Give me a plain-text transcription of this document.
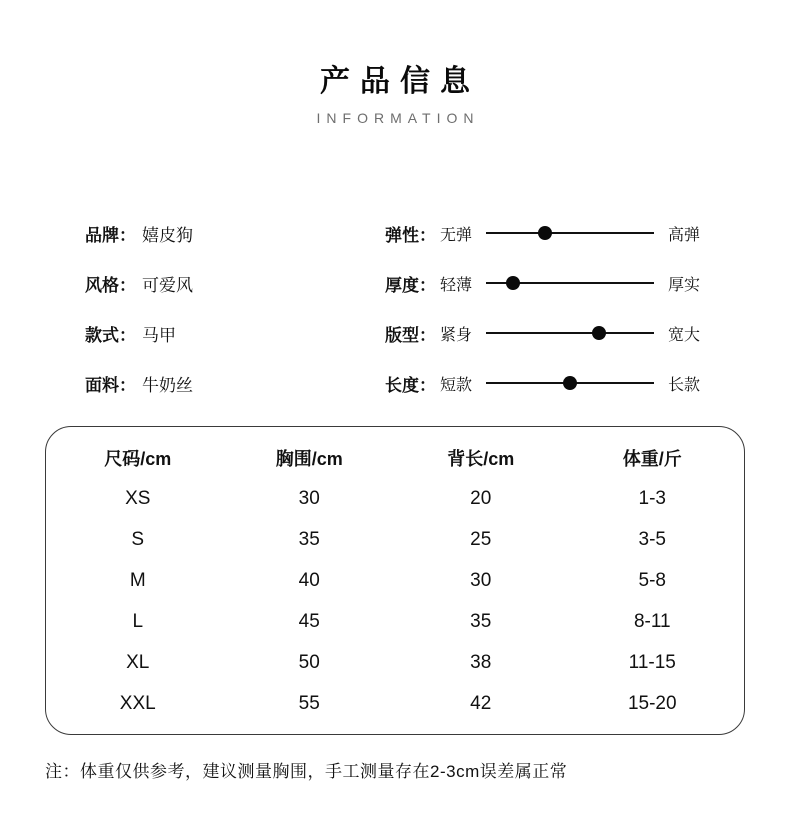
产品信息
INFORMATION
品牌： 嬉皮狗
风格： 可爱风
款式： 马甲
面料： 牛奶丝
弹性： 无弹	高弹
厚度： 轻薄	厚实
版型： 紧身	宽大
长度： 短款	长款
尺码/cm	胸围/cm	背长/cm	体重/斤
XS	30	20	1-3
S	35	25	3-5
M	40	30	5-8
L	45	35	8-11
XL	50	38	11-15
XXL	55	42	15-20
注：体重仅供参考，建议测量胸围，手工测量存在2-3cm误差属正常
